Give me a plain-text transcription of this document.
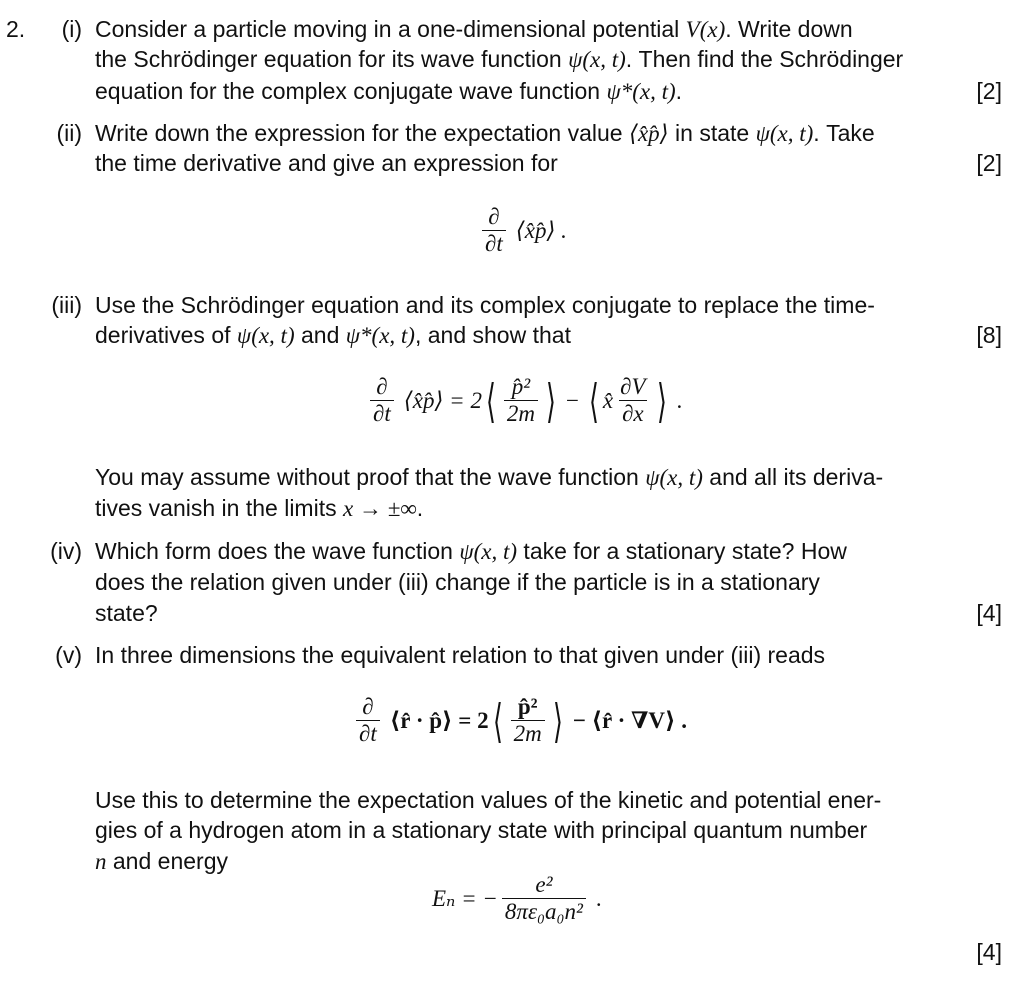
2.	(i) Consider a particle moving in a one-dimensional potential V(x). Write down
the Schrödinger equation for its wave function ψ(x, t). Then find the Schrödinger
equation for the complex conjugate wave function ψ*(x, t).	[2]
(ii) Write down the expression for the expectation value ⟨x̂p̂⟩ in state ψ(x, t). Take
the time derivative and give an expression for	[2]
$\frac{\partial}{\partial t}$ ⟨x̂p̂⟩ .
(iii) Use the Schrödinger equation and its complex conjugate to replace the time-
derivatives of ψ(x, t) and ψ*(x, t), and show that	[8]
$\frac{\partial}{\partial t}$ ⟨x̂p̂⟩ = 2 ⟨ $\frac{\text{p̂²}}{2m}$ ⟩ − ⟨ x̂ $\frac{\partial V}{\partial x}$ ⟩ .
You may assume without proof that the wave function ψ(x, t) and all its deriva-
tives vanish in the limits x → ±∞.
(iv) Which form does the wave function ψ(x, t) take for a stationary state? How
does the relation given under (iii) change if the particle is in a stationary
state?	[4]
(v) In three dimensions the equivalent relation to that given under (iii) reads
$\frac{\partial}{\partial t}$ ⟨r̂ · p̂⟩ = 2 ⟨ $\frac{\text{p̂²}}{2m}$ ⟩ − ⟨r̂ · ∇V⟩ .
Use this to determine the expectation values of the kinetic and potential ener-
gies of a hydrogen atom in a stationary state with principal quantum number
n and energy
Eₙ = − $\frac{\text{e²}}{\text{8πε₀a₀n²}}$ .
[4]
